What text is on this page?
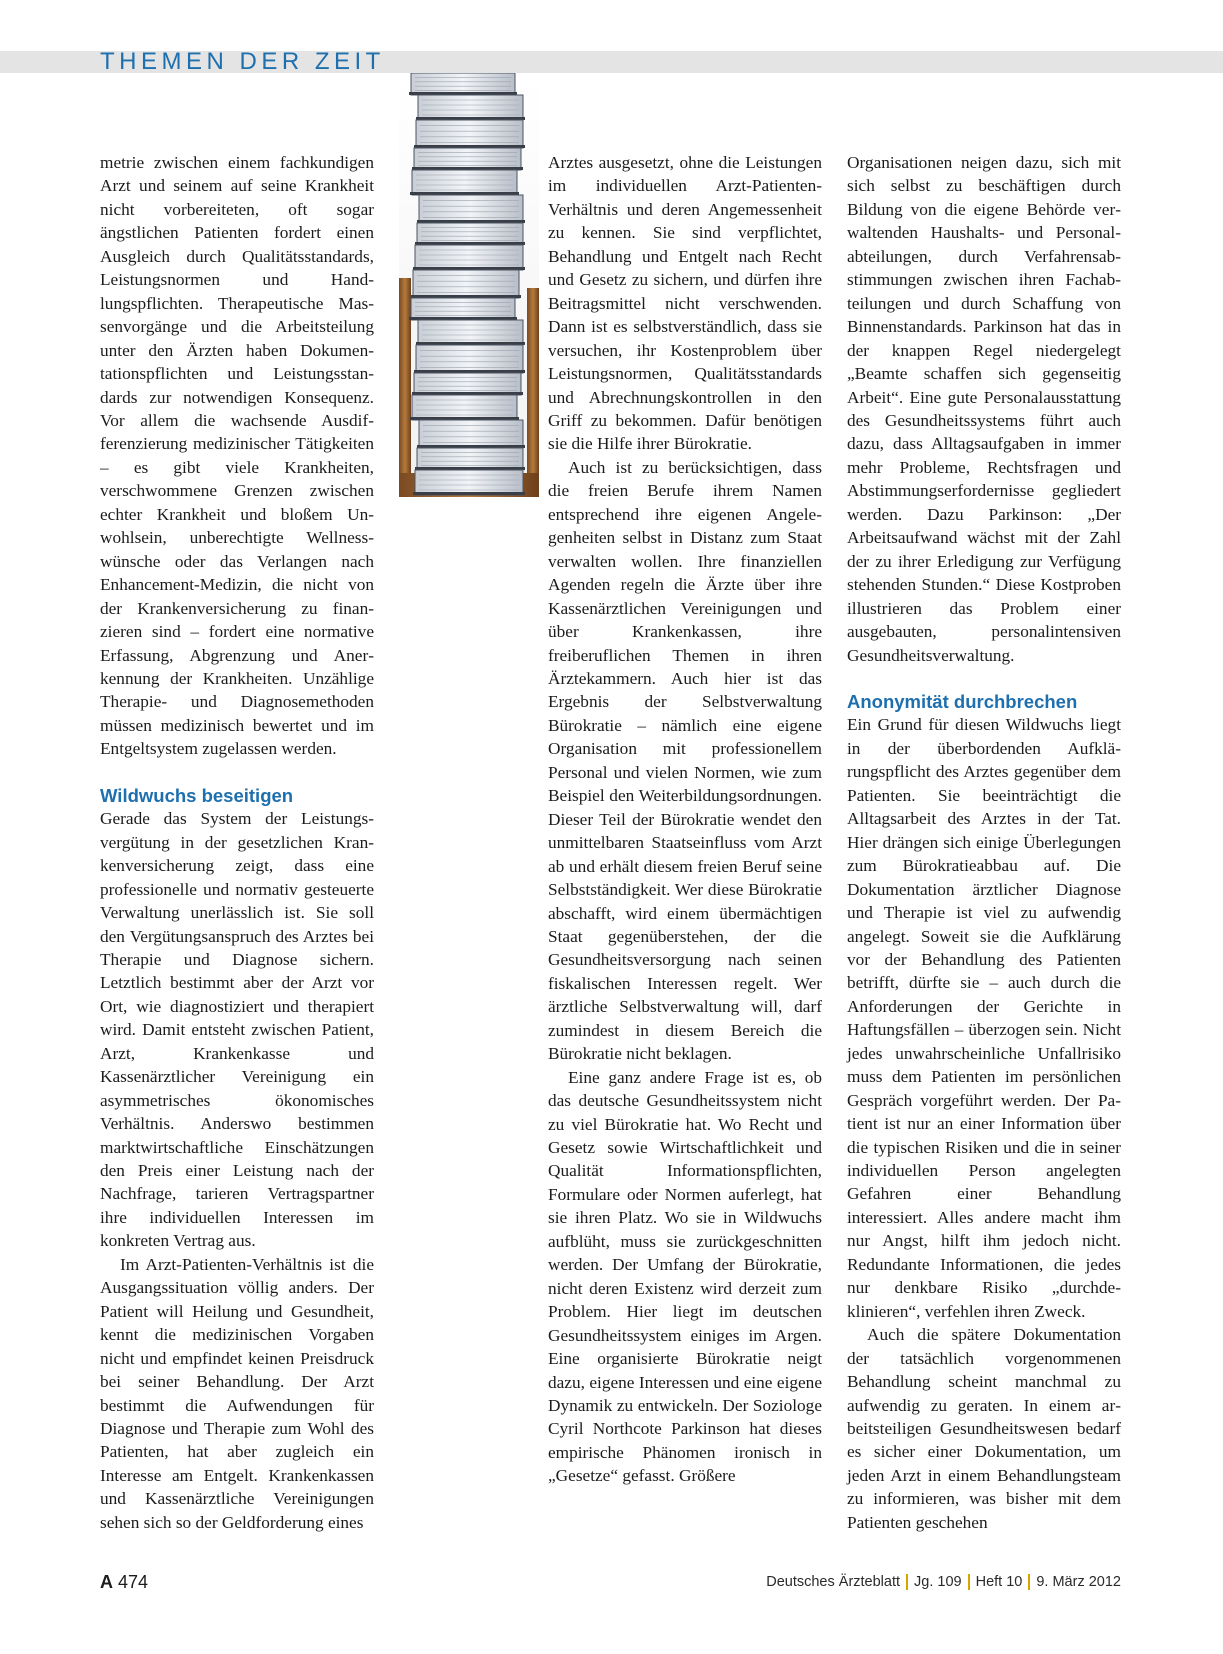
THEMEN DER ZEIT

metrie zwischen einem fachkundigen Arzt und seinem auf seine Krankheit nicht vorbereiteten, oft sogar ängstlichen Patienten fordert einen Ausgleich durch Qualitätsstandards, Leistungsnormen und Handlungspflichten. Therapeutische Massenvorgänge und die Arbeitsteilung unter den Ärzten haben Dokumentationspflichten und Leistungsstandards zur notwendigen Konsequenz. Vor allem die wachsende Ausdifferenzierung medizinischer Tätigkeiten – es gibt viele Krankheiten, verschwommene Grenzen zwischen echter Krankheit und bloßem Unwohlsein, unberechtigte Wellnesswünsche oder das Verlangen nach Enhancement-Medizin, die nicht von der Krankenversicherung zu finanzieren sind – fordert eine normative Erfassung, Abgrenzung und Anerkennung der Krankheiten. Unzählige Therapie- und Diagnosemethoden müssen medizinisch bewertet und im Entgeltsystem zugelassen werden.

Wildwuchs beseitigen

Gerade das System der Leistungsvergütung in der gesetzlichen Krankenversicherung zeigt, dass eine professionelle und normativ gesteuerte Verwaltung unerlässlich ist. Sie soll den Vergütungsanspruch des Arztes bei Therapie und Diagnose sichern. Letztlich bestimmt aber der Arzt vor Ort, wie diagnostiziert und therapiert wird. Damit entsteht zwischen Patient, Arzt, Krankenkasse und Kassenärztlicher Vereinigung ein asymmetrisches ökonomisches Verhältnis. Anderswo bestimmen marktwirtschaftliche Einschätzungen den Preis einer Leistung nach der Nachfrage, tarieren Vertragspartner ihre individuellen Interessen im konkreten Vertrag aus.

Im Arzt-Patienten-Verhältnis ist die Ausgangssituation völlig anders. Der Patient will Heilung und Gesundheit, kennt die medizinischen Vorgaben nicht und empfindet keinen Preisdruck bei seiner Behandlung. Der Arzt bestimmt die Aufwendungen für Diagnose und Therapie zum Wohl des Patienten, hat aber zugleich ein Interesse am Entgelt. Krankenkassen und Kassenärztliche Vereinigungen sehen sich so der Geldforderung eines

Arztes ausgesetzt, ohne die Leistungen im individuellen Arzt-Patienten-Verhältnis und deren Angemessenheit zu kennen. Sie sind verpflichtet, Behandlung und Entgelt nach Recht und Gesetz zu sichern, und dürfen ihre Beitragsmittel nicht verschwenden. Dann ist es selbstverständlich, dass sie versuchen, ihr Kostenproblem über Leistungsnormen, Qualitätsstandards und Abrechnungskontrollen in den Griff zu bekommen. Dafür benötigen sie die Hilfe ihrer Bürokratie.

Auch ist zu berücksichtigen, dass die freien Berufe ihrem Namen entsprechend ihre eigenen Angelegenheiten selbst in Distanz zum Staat verwalten wollen. Ihre finanziellen Agenden regeln die Ärzte über ihre Kassenärztlichen Vereinigungen und über Krankenkassen, ihre freiberuflichen Themen in ihren Ärztekammern. Auch hier ist das Ergebnis der Selbstverwaltung Bürokratie – nämlich eine eigene Organisation mit professionellem Personal und vielen Normen, wie zum Beispiel den Weiterbildungsordnungen. Dieser Teil der Bürokratie wendet den unmittelbaren Staatseinfluss vom Arzt ab und erhält diesem freien Beruf seine Selbstständigkeit. Wer diese Bürokratie abschafft, wird einem übermächtigen Staat gegenüberstehen, der die Gesundheitsversorgung nach seinen fiskalischen Interessen regelt. Wer ärztliche Selbstverwaltung will, darf zumindest in diesem Bereich die Bürokratie nicht beklagen.

Eine ganz andere Frage ist es, ob das deutsche Gesundheitssystem nicht zu viel Bürokratie hat. Wo Recht und Gesetz sowie Wirtschaftlichkeit und Qualität Informationspflichten, Formulare oder Normen auferlegt, hat sie ihren Platz. Wo sie in Wildwuchs aufblüht, muss sie zurückgeschnitten werden. Der Umfang der Bürokratie, nicht deren Existenz wird derzeit zum Problem. Hier liegt im deutschen Gesundheitssystem einiges im Argen. Eine organisierte Bürokratie neigt dazu, eigene Interessen und eine eigene Dynamik zu entwickeln. Der Soziologe Cyril Northcote Parkinson hat dieses empirische Phänomen ironisch in „Gesetze“ gefasst. Größere

Organisationen neigen dazu, sich mit sich selbst zu beschäftigen durch Bildung von die eigene Behörde verwaltenden Haushalts- und Personalabteilungen, durch Verfahrensabstimmungen zwischen ihren Fachabteilungen und durch Schaffung von Binnenstandards. Parkinson hat das in der knappen Regel niedergelegt „Beamte schaffen sich gegenseitig Arbeit“. Eine gute Personalausstattung des Gesundheitssystems führt auch dazu, dass Alltagsaufgaben in immer mehr Probleme, Rechtsfragen und Abstimmungserfordernisse gegliedert werden. Dazu Parkinson: „Der Arbeitsaufwand wächst mit der Zahl der zu ihrer Erledigung zur Verfügung stehenden Stunden.“ Diese Kostproben illustrieren das Problem einer ausgebauten, personalintensiven Gesundheitsverwaltung.

Anonymität durchbrechen

Ein Grund für diesen Wildwuchs liegt in der überbordenden Aufklärungspflicht des Arztes gegenüber dem Patienten. Sie beeinträchtigt die Alltagsarbeit des Arztes in der Tat. Hier drängen sich einige Überlegungen zum Bürokratieabbau auf. Die Dokumentation ärztlicher Diagnose und Therapie ist viel zu aufwendig angelegt. Soweit sie die Aufklärung vor der Behandlung des Patienten betrifft, dürfte sie – auch durch die Anforderungen der Gerichte in Haftungsfällen – überzogen sein. Nicht jedes unwahrscheinliche Unfallrisiko muss dem Patienten im persönlichen Gespräch vorgeführt werden. Der Patient ist nur an einer Information über die typischen Risiken und die in seiner individuellen Person angelegten Gefahren einer Behandlung interessiert. Alles andere macht ihm nur Angst, hilft ihm jedoch nicht. Redundante Informationen, die jedes nur denkbare Risiko „durchdeklinieren“, verfehlen ihren Zweck.

Auch die spätere Dokumentation der tatsächlich vorgenommenen Behandlung scheint manchmal zu aufwendig zu geraten. In einem arbeitsteiligen Gesundheitswesen bedarf es sicher einer Dokumentation, um jeden Arzt in einem Behandlungsteam zu informieren, was bisher mit dem Patienten geschehen

A 474	Deutsches Ärzteblatt Jg. 109 Heft 10 9. März 2012
